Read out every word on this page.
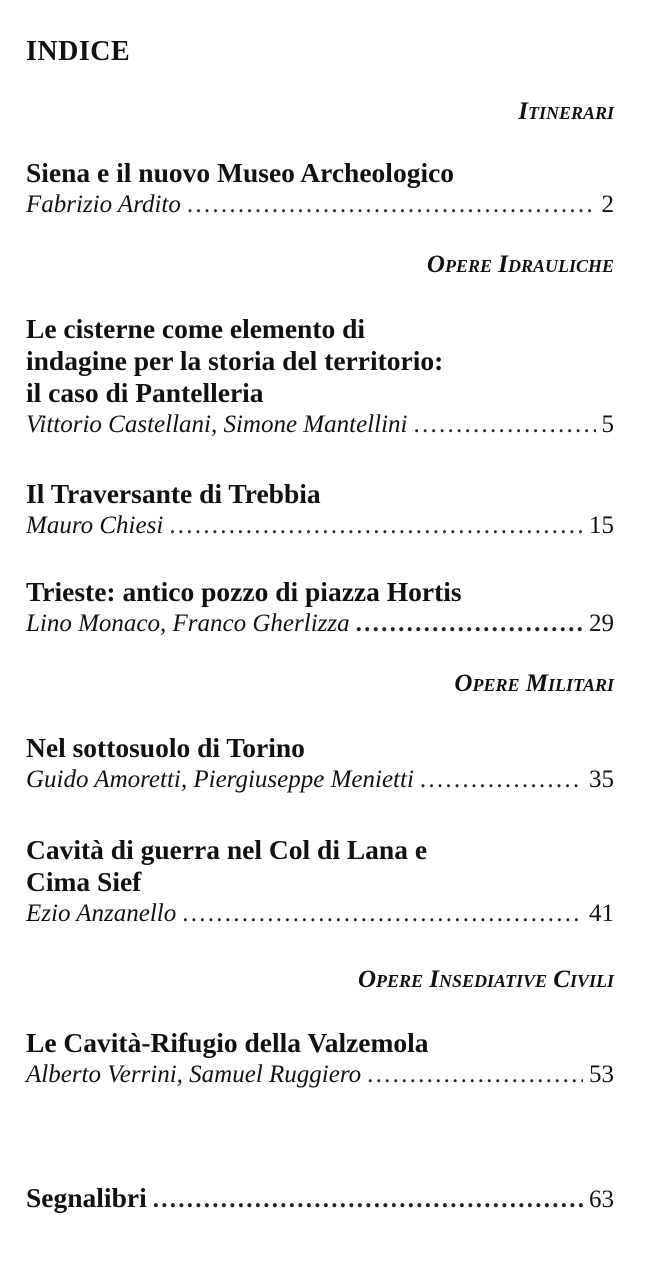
INDICE
Itinerari
Siena e il nuovo Museo Archeologico
Fabrizio Ardito . . .	2
Opere Idrauliche
Le cisterne come elemento di
indagine per la storia del territorio:
il caso di Pantelleria
Vittorio Castellani, Simone Mantellini . . .	5
Il Traversante di Trebbia
Mauro Chiesi . . .	15
Trieste: antico pozzo di piazza Hortis
Lino Monaco, Franco Gherlizza . . .	29
Opere Militari
Nel sottosuolo di Torino
Guido Amoretti, Piergiuseppe Menietti . . .	35
Cavità di guerra nel Col di Lana e
Cima Sief
Ezio Anzanello . . .	41
Opere Insediative Civili
Le Cavità-Rifugio della Valzemola
Alberto Verrini, Samuel Ruggiero . . .	53
Segnalibri . . .	63
